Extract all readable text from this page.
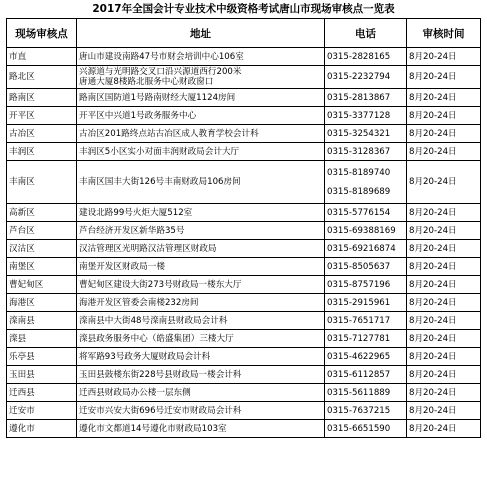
2017年全国会计专业技术中级资格考试唐山市现场审核点一览表
现场审核点	地址	电话	审核时间
市直	唐山市建设南路47号市财会培训中心106室	0315-2828165	8月20-24日
路北区	兴源道与光明路交叉口沿兴源道西行200米
唐通大厦8楼路北服务中心财政窗口	0315-2232794	8月20-24日
路南区	路南区国防道1号路南财经大厦1124房间	0315-2813867	8月20-24日
开平区	开平区中兴道1号政务服务中心	0315-3377128	8月20-24日
古冶区	古冶区201路终点站古冶区成人教育学校会计科	0315-3254321	8月20-24日
丰润区	丰润区5小区实小对面丰润财政局会计大厅	0315-3128367	8月20-24日
丰南区	丰南区国丰大街126号丰南财政局106房间	0315-8189740
0315-8189689	8月20-24日
高新区	建设北路99号火炬大厦512室	0315-5776154	8月20-24日
芦台区	芦台经济开发区新华路35号	0315-69388169	8月20-24日
汉沽区	汉沽管理区光明路汉沽管理区财政局	0315-69216874	8月20-24日
南堡区	南堡开发区财政局一楼	0315-8505637	8月20-24日
曹妃甸区	曹妃甸区建设大街273号财政局一楼东大厅	0315-8757196	8月20-24日
海港区	海港开发区管委会南楼232房间	0315-2915961	8月20-24日
滦南县	滦南县中大街48号滦南县财政局会计科	0315-7651717	8月20-24日
滦县	滦县政务服务中心（皓盛集团）三楼大厅	0315-7127781	8月20-24日
乐亭县	将军路93号政务大厦财政局会计科	0315-4622965	8月20-24日
玉田县	玉田县鼓楼东街228号县财政局一楼会计科	0315-6112857	8月20-24日
迁西县	迁西县财政局办公楼一层东侧	0315-5611889	8月20-24日
迁安市	迁安市兴安大街696号迁安市财政局会计科	0315-7637215	8月20-24日
遵化市	遵化市文都道14号遵化市财政局103室	0315-6651590	8月20-24日
